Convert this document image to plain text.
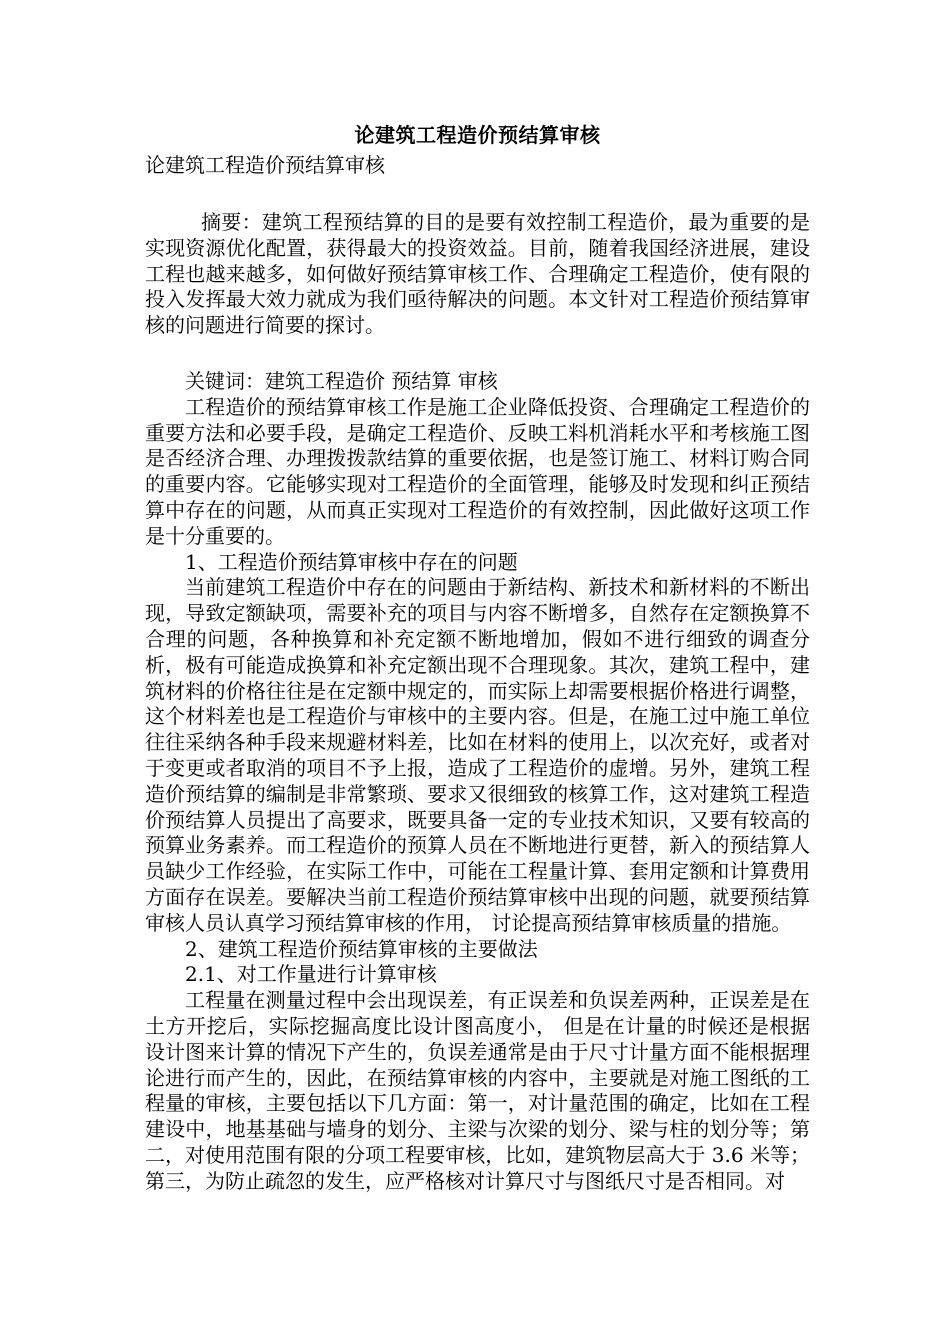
论建筑工程造价预结算审核

论建筑工程造价预结算审核

摘要：建筑工程预结算的目的是要有效控制工程造价，最为重要的是实现资源优化配置，获得最大的投资效益。目前，随着我国经济进展，建设工程也越来越多，如何做好预结算审核工作、合理确定工程造价，使有限的投入发挥最大效力就成为我们亟待解决的问题。本文针对工程造价预结算审核的问题进行简要的探讨。

关键词：建筑工程造价 预结算 审核

工程造价的预结算审核工作是施工企业降低投资、合理确定工程造价的重要方法和必要手段，是确定工程造价、反映工料机消耗水平和考核施工图是否经济合理、办理拨拨款结算的重要依据，也是签订施工、材料订购合同的重要内容。它能够实现对工程造价的全面管理，能够及时发现和纠正预结算中存在的问题，从而真正实现对工程造价的有效控制，因此做好这项工作是十分重要的。

1、工程造价预结算审核中存在的问题

当前建筑工程造价中存在的问题由于新结构、新技术和新材料的不断出现，导致定额缺项，需要补充的项目与内容不断增多，自然存在定额换算不合理的问题，各种换算和补充定额不断地增加，假如不进行细致的调查分析，极有可能造成换算和补充定额出现不合理现象。其次，建筑工程中，建筑材料的价格往往是在定额中规定的，而实际上却需要根据价格进行调整，这个材料差也是工程造价与审核中的主要内容。但是，在施工过中施工单位往往采纳各种手段来规避材料差，比如在材料的使用上，以次充好，或者对于变更或者取消的项目不予上报，造成了工程造价的虚增。另外，建筑工程造价预结算的编制是非常繁琐、要求又很细致的核算工作，这对建筑工程造价预结算人员提出了高要求，既要具备一定的专业技术知识，又要有较高的预算业务素养。而工程造价的预算人员在不断地进行更替，新入的预结算人员缺少工作经验，在实际工作中，可能在工程量计算、套用定额和计算费用方面存在误差。要解决当前工程造价预结算审核中出现的问题，就要预结算审核人员认真学习预结算审核的作用， 讨论提高预结算审核质量的措施。

2、建筑工程造价预结算审核的主要做法

2.1、对工作量进行计算审核

工程量在测量过程中会出现误差，有正误差和负误差两种，正误差是在土方开挖后，实际挖掘高度比设计图高度小， 但是在计量的时候还是根据设计图来计算的情况下产生的，负误差通常是由于尺寸计量方面不能根据理论进行而产生的，因此，在预结算审核的内容中，主要就是对施工图纸的工程量的审核，主要包括以下几方面：第一，对计量范围的确定，比如在工程建设中，地基基础与墙身的划分、主梁与次梁的划分、梁与柱的划分等；第二，对使用范围有限的分项工程要审核，比如，建筑物层高大于 3.6 米等；第三，为防止疏忽的发生，应严格核对计算尺寸与图纸尺寸是否相同。对
